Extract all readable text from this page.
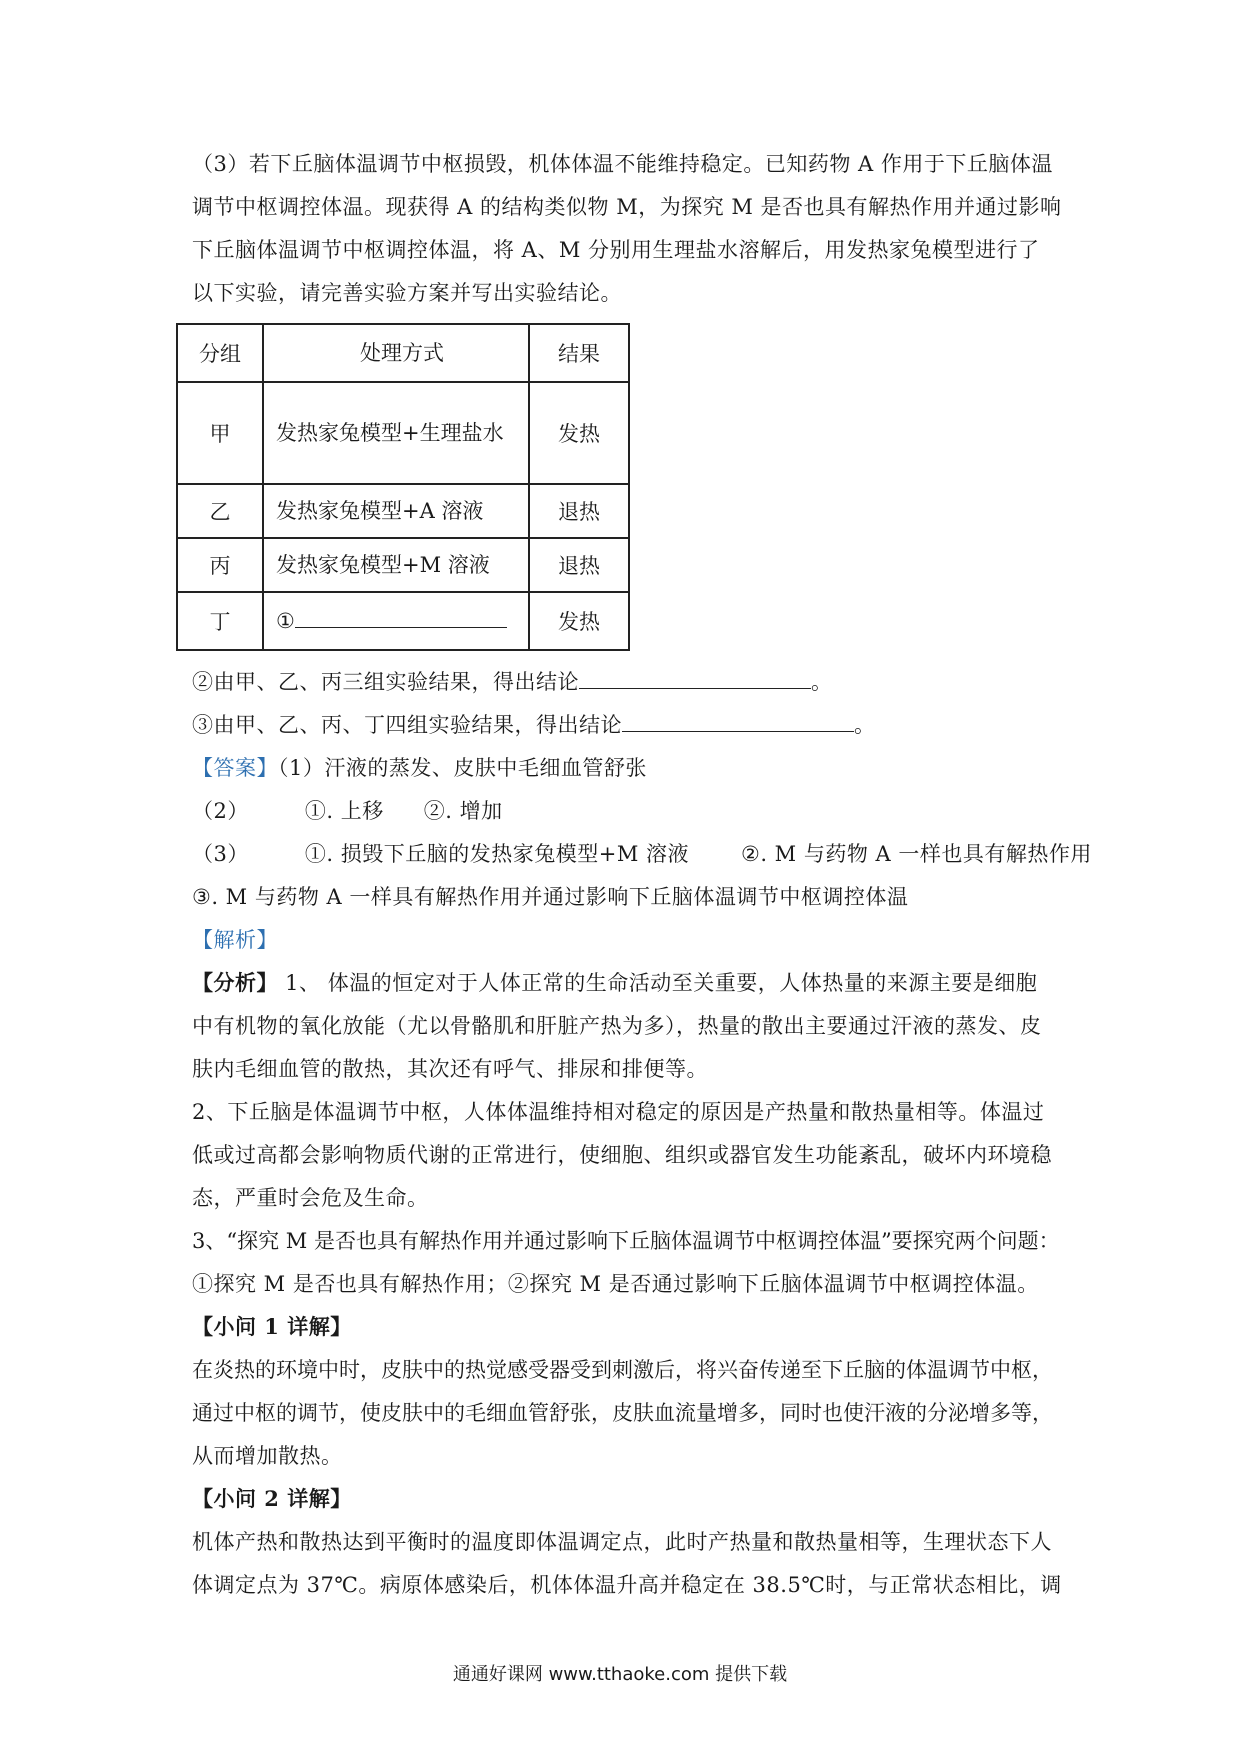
（3）若下丘脑体温调节中枢损毁，机体体温不能维持稳定。已知药物 A 作用于下丘脑体温
调节中枢调控体温。现获得 A 的结构类似物 M，为探究 M 是否也具有解热作用并通过影响
下丘脑体温调节中枢调控体温，将 A、M 分别用生理盐水溶解后，用发热家兔模型进行了
以下实验，请完善实验方案并写出实验结论。
分组	处理方式	结果
甲	发热家兔模型+生理盐水	发热
乙	发热家兔模型+A 溶液	退热
丙	发热家兔模型+M 溶液	退热
丁	①	发热
②由甲、乙、丙三组实验结果，得出结论	。
③由甲、乙、丙、丁四组实验结果，得出结论	。
【答案】（1）汗液的蒸发、皮肤中毛细血管舒张
（2）	①. 上移 ②. 增加
（3）	①. 损毁下丘脑的发热家兔模型+M 溶液 ②. M 与药物 A 一样也具有解热作用
③. M 与药物 A 一样具有解热作用并通过影响下丘脑体温调节中枢调控体温
【解析】
【分析】 1、 体温的恒定对于人体正常的生命活动至关重要，人体热量的来源主要是细胞
中有机物的氧化放能（尤以骨骼肌和肝脏产热为多），热量的散出主要通过汗液的蒸发、皮
肤内毛细血管的散热，其次还有呼气、排尿和排便等。
2、下丘脑是体温调节中枢，人体体温维持相对稳定的原因是产热量和散热量相等。体温过
低或过高都会影响物质代谢的正常进行，使细胞、组织或器官发生功能紊乱，破坏内环境稳
态，严重时会危及生命。
3、“探究 M 是否也具有解热作用并通过影响下丘脑体温调节中枢调控体温”要探究两个问题：
①探究 M 是否也具有解热作用；②探究 M 是否通过影响下丘脑体温调节中枢调控体温。
【小问 1 详解】
在炎热的环境中时，皮肤中的热觉感受器受到刺激后，将兴奋传递至下丘脑的体温调节中枢，
通过中枢的调节，使皮肤中的毛细血管舒张，皮肤血流量增多，同时也使汗液的分泌增多等，
从而增加散热。
【小问 2 详解】
机体产热和散热达到平衡时的温度即体温调定点，此时产热量和散热量相等，生理状态下人
体调定点为 37℃。病原体感染后，机体体温升高并稳定在 38.5℃时，与正常状态相比，调
通通好课网 www.tthaoke.com 提供下载
